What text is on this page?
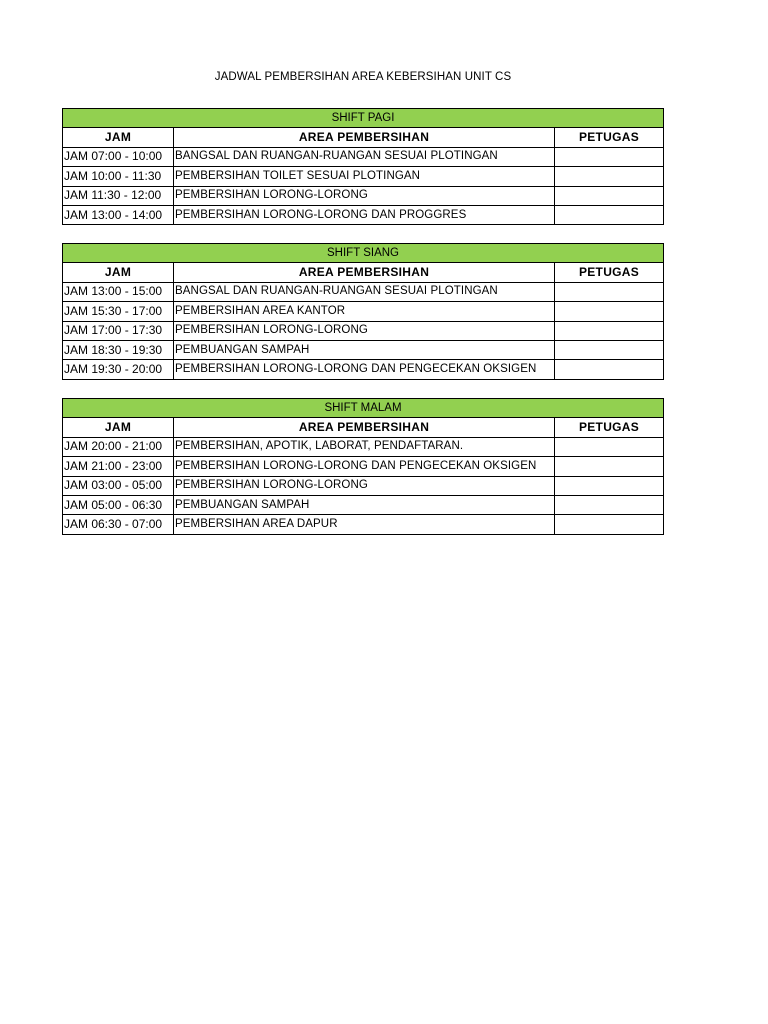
JADWAL PEMBERSIHAN AREA KEBERSIHAN UNIT CS
SHIFT PAGI		
JAM	AREA PEMBERSIHAN	PETUGAS
JAM 07:00 - 10:00	BANGSAL DAN RUANGAN-RUANGAN SESUAI PLOTINGAN	
JAM 10:00 - 11:30	PEMBERSIHAN TOILET SESUAI PLOTINGAN	
JAM 11:30 - 12:00	PEMBERSIHAN LORONG-LORONG	
JAM 13:00 - 14:00	PEMBERSIHAN LORONG-LORONG DAN PROGGRES	
SHIFT SIANG		
JAM	AREA PEMBERSIHAN	PETUGAS
JAM 13:00 - 15:00	BANGSAL DAN RUANGAN-RUANGAN SESUAI PLOTINGAN	
JAM 15:30 - 17:00	PEMBERSIHAN AREA KANTOR	
JAM 17:00 - 17:30	PEMBERSIHAN LORONG-LORONG	
JAM 18:30 - 19:30	PEMBUANGAN SAMPAH	
JAM 19:30 - 20:00	PEMBERSIHAN LORONG-LORONG DAN PENGECEKAN OKSIGEN	
SHIFT MALAM		
JAM	AREA PEMBERSIHAN	PETUGAS
JAM 20:00 - 21:00	PEMBERSIHAN, APOTIK, LABORAT, PENDAFTARAN.	
JAM 21:00 - 23:00	PEMBERSIHAN LORONG-LORONG DAN PENGECEKAN OKSIGEN	
JAM 03:00 - 05:00	PEMBERSIHAN LORONG-LORONG	
JAM 05:00 - 06:30	PEMBUANGAN SAMPAH	
JAM 06:30 - 07:00	PEMBERSIHAN AREA DAPUR	
